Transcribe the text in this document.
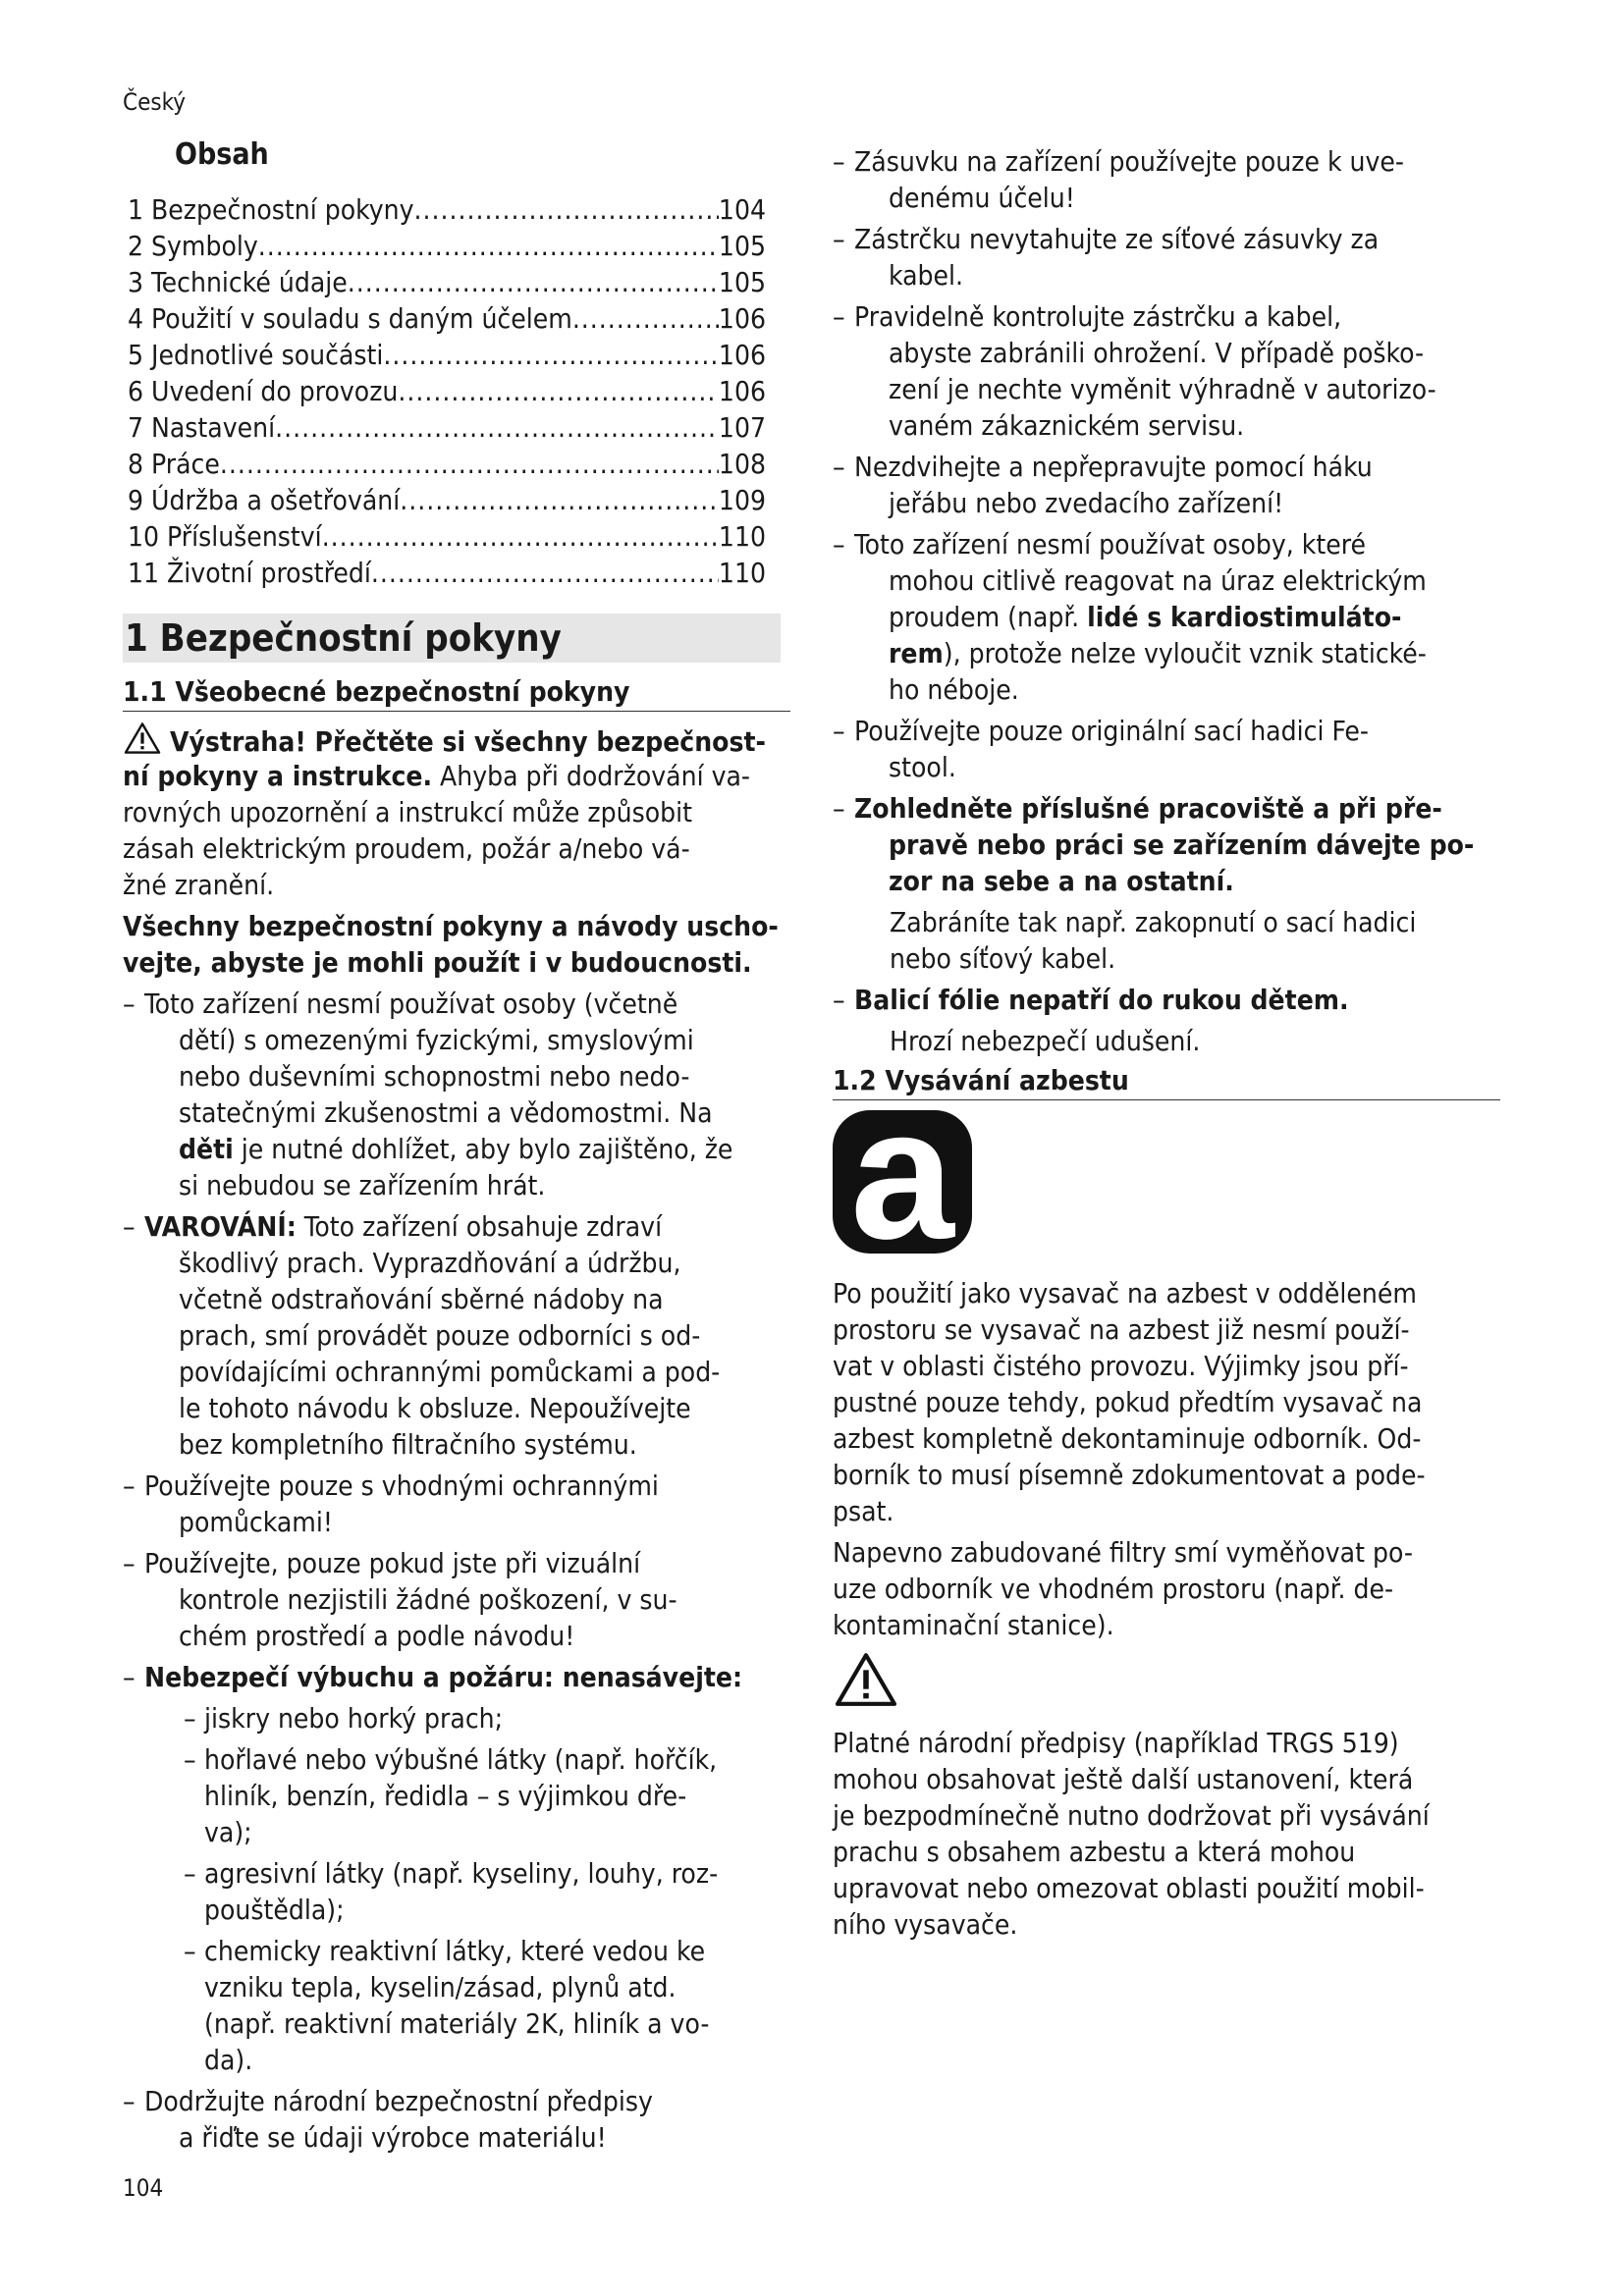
Český
Obsah
1 Bezpečnostní pokyny .....	104
2 Symboly .....	105
3 Technické údaje .....	105
4 Použití v souladu s daným účelem .....	106
5 Jednotlivé součásti .....	106
6 Uvedení do provozu .....	106
7 Nastavení .....	107
8 Práce .....	108
9 Údržba a ošetřování .....	109
10 Příslušenství .....	110
11 Životní prostředí .....	110
1 Bezpečnostní pokyny
1.1 Všeobecné bezpečnostní pokyny
Výstraha! Přečtěte si všechny bezpečnost-
ní pokyny a instrukce. Ahyba při dodržování va-
rovných upozornění a instrukcí může způsobit
zásah elektrickým proudem, požár a/nebo vá-
žné zranění.
Všechny bezpečnostní pokyny a návody uscho-
vejte, abyste je mohli použít i v budoucnosti.
– Toto zařízení nesmí používat osoby (včetně
dětí) s omezenými fyzickými, smyslovými
nebo duševními schopnostmi nebo nedo-
statečnými zkušenostmi a vědomostmi. Na
děti je nutné dohlížet, aby bylo zajištěno, že
si nebudou se zařízením hrát.
– VAROVÁNÍ: Toto zařízení obsahuje zdraví
škodlivý prach. Vyprazdňování a údržbu,
včetně odstraňování sběrné nádoby na
prach, smí provádět pouze odborníci s od-
povídajícími ochrannými pomůckami a pod-
le tohoto návodu k obsluze. Nepoužívejte
bez kompletního filtračního systému.
– Používejte pouze s vhodnými ochrannými
pomůckami!
– Používejte, pouze pokud jste při vizuální
kontrole nezjistili žádné poškození, v su-
chém prostředí a podle návodu!
– Nebezpečí výbuchu a požáru: nenasávejte:
– jiskry nebo horký prach;
– hořlavé nebo výbušné látky (např. hořčík,
hliník, benzín, ředidla – s výjimkou dře-
va);
– agresivní látky (např. kyseliny, louhy, roz-
pouštědla);
– chemicky reaktivní látky, které vedou ke
vzniku tepla, kyselin/zásad, plynů atd.
(např. reaktivní materiály 2K, hliník a vo-
da).
– Dodržujte národní bezpečnostní předpisy
a řiďte se údaji výrobce materiálu!
– Zásuvku na zařízení používejte pouze k uve-
denému účelu!
– Zástrčku nevytahujte ze síťové zásuvky za
kabel.
– Pravidelně kontrolujte zástrčku a kabel,
abyste zabránili ohrožení. V případě poško-
zení je nechte vyměnit výhradně v autorizo-
vaném zákaznickém servisu.
– Nezdvihejte a nepřepravujte pomocí háku
jeřábu nebo zvedacího zařízení!
– Toto zařízení nesmí používat osoby, které
mohou citlivě reagovat na úraz elektrickým
proudem (např. lidé s kardiostimuláto-
rem), protože nelze vyloučit vznik statické-
ho néboje.
– Používejte pouze originální sací hadici Fe-
stool.
– Zohledněte příslušné pracoviště a při pře-
pravě nebo práci se zařízením dávejte po-
zor na sebe a na ostatní.
Zabráníte tak např. zakopnutí o sací hadici
nebo síťový kabel.
– Balicí fólie nepatří do rukou dětem.
Hrozí nebezpečí udušení.
1.2 Vysávání azbestu
a
Po použití jako vysavač na azbest v odděleném
prostoru se vysavač na azbest již nesmí použí-
vat v oblasti čistého provozu. Výjimky jsou pří-
pustné pouze tehdy, pokud předtím vysavač na
azbest kompletně dekontaminuje odborník. Od-
borník to musí písemně zdokumentovat a pode-
psat.
Napevno zabudované filtry smí vyměňovat po-
uze odborník ve vhodném prostoru (např. de-
kontaminační stanice).
Platné národní předpisy (například TRGS 519)
mohou obsahovat ještě další ustanovení, která
je bezpodmínečně nutno dodržovat při vysávání
prachu s obsahem azbestu a která mohou
upravovat nebo omezovat oblasti použití mobil-
ního vysavače.
104
